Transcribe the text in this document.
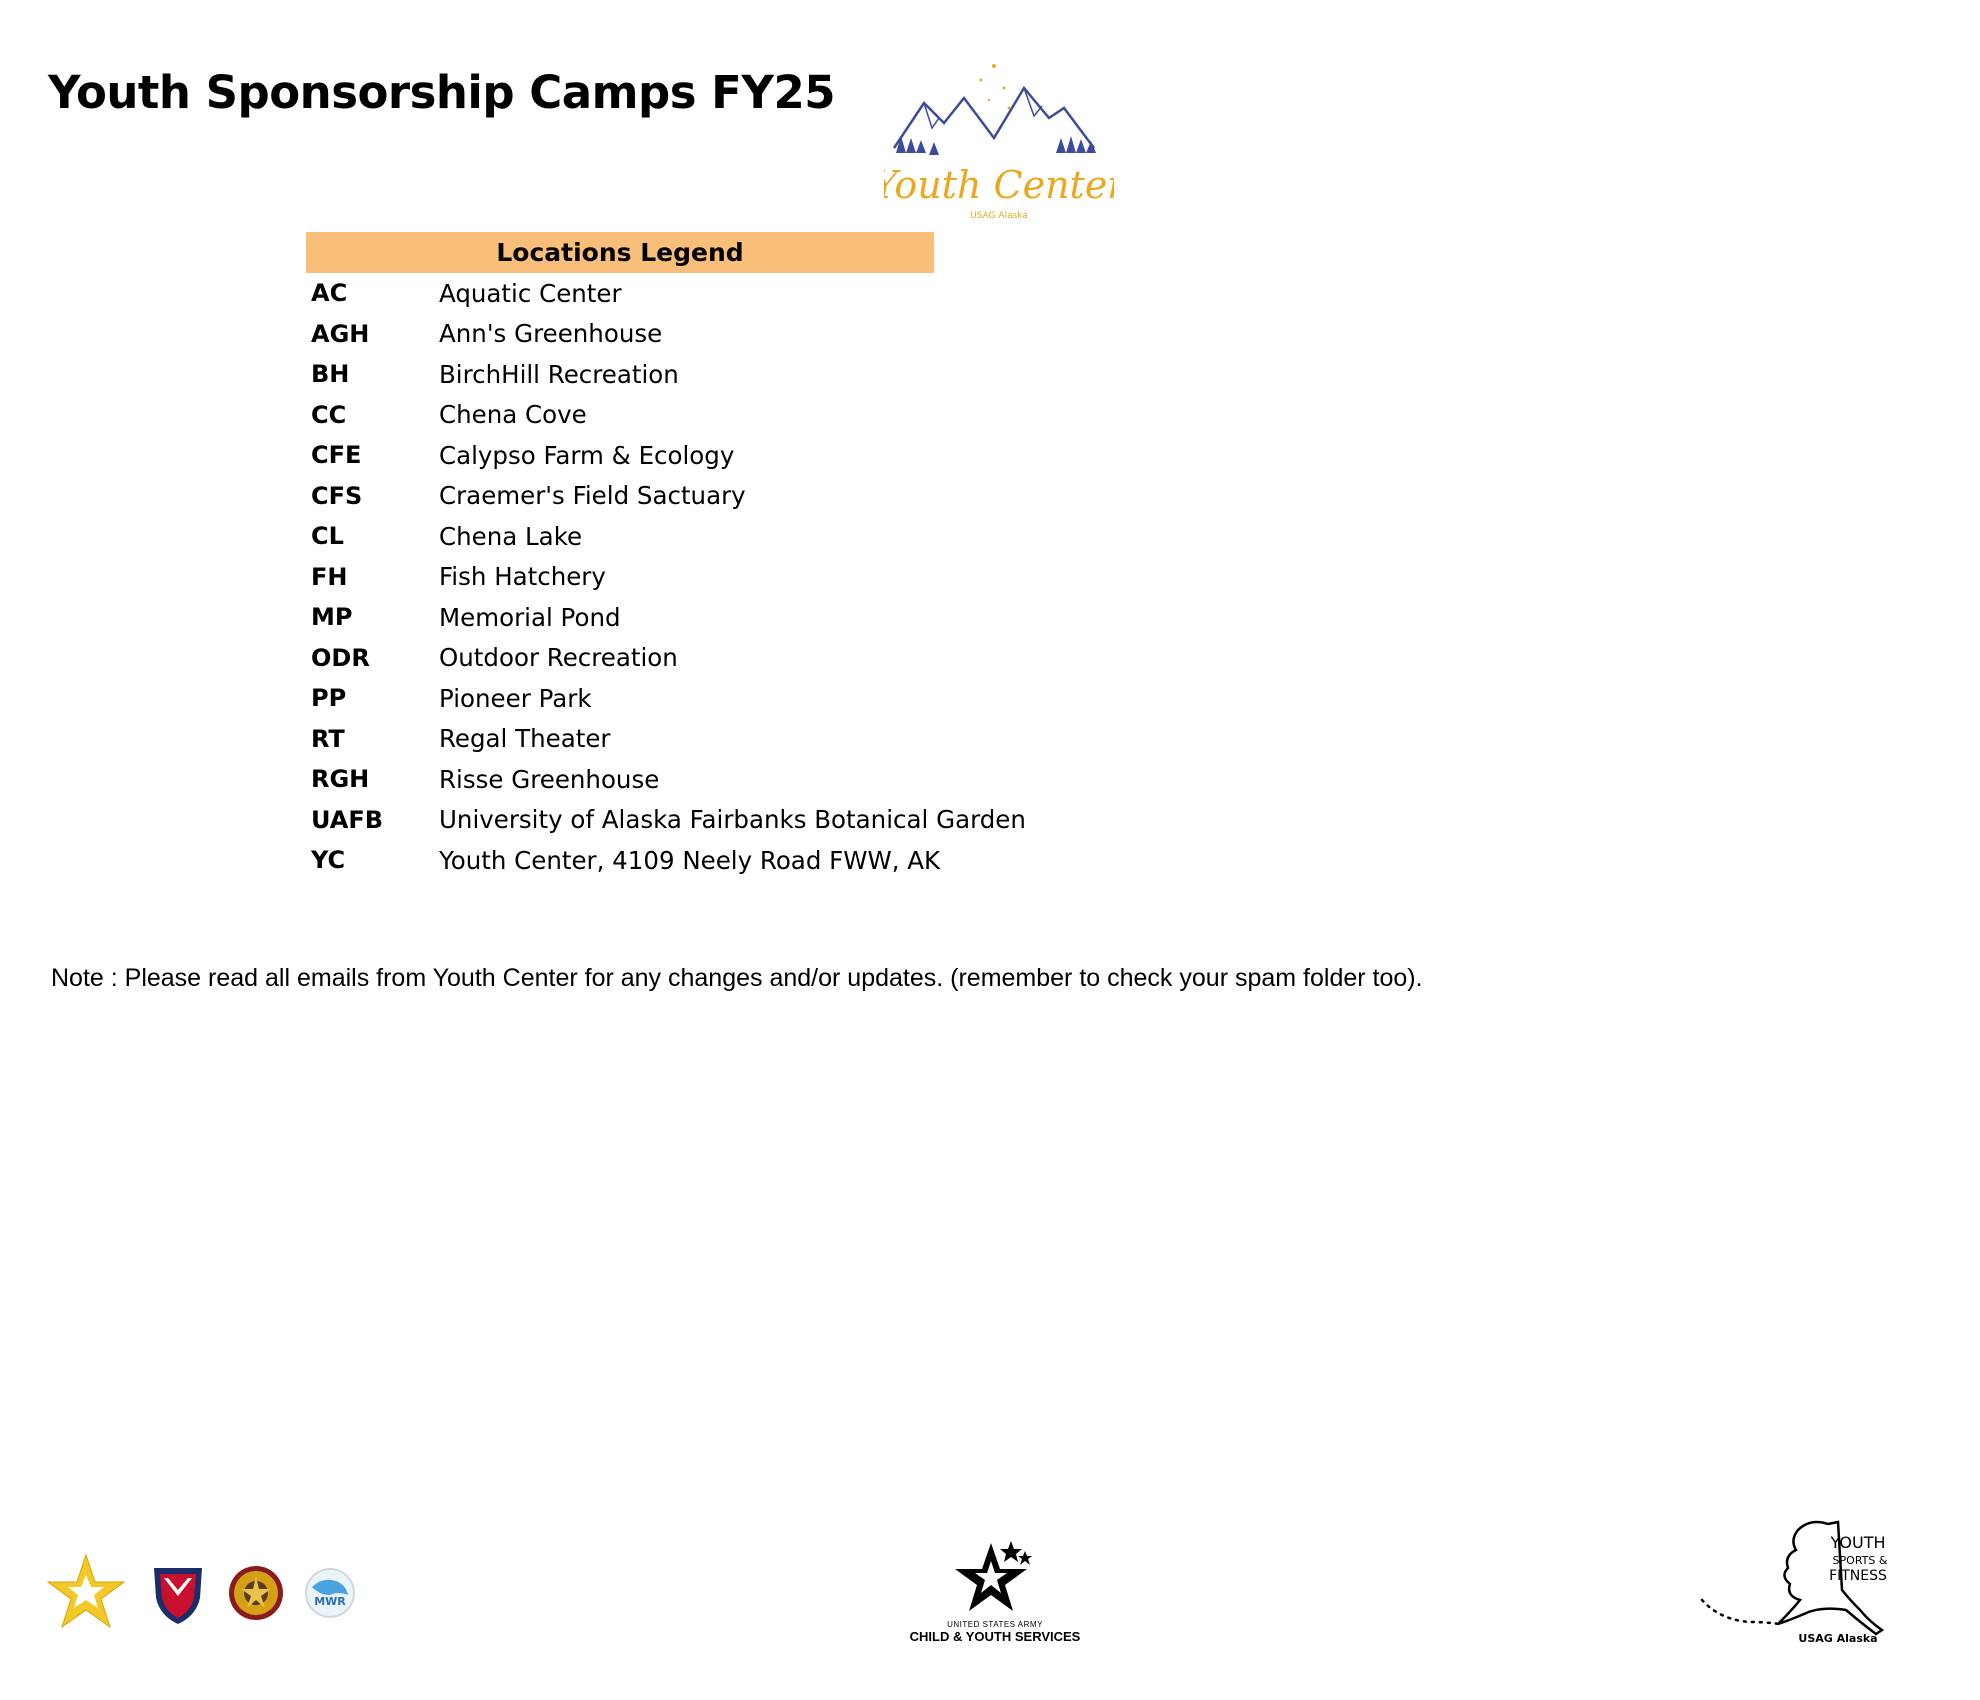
Youth Sponsorship Camps FY25
Youth Center
USAG Alaska
Locations Legend
AC	Aquatic Center
AGH	Ann's Greenhouse
BH	BirchHill Recreation
CC	Chena Cove
CFE	Calypso Farm & Ecology
CFS	Craemer's Field Sactuary
CL	Chena Lake
FH	Fish Hatchery
MP	Memorial Pond
ODR	Outdoor Recreation
PP	Pioneer Park
RT	Regal Theater
RGH	Risse Greenhouse
UAFB	University of Alaska Fairbanks Botanical Garden
YC	Youth Center, 4109 Neely Road FWW, AK
Note : Please read all emails from Youth Center for any changes and/or updates. (remember to check your spam folder too).
MWR
UNITED STATES ARMY
CHILD & YOUTH SERVICES
YOUTH
SPORTS &
FITNESS
USAG Alaska
